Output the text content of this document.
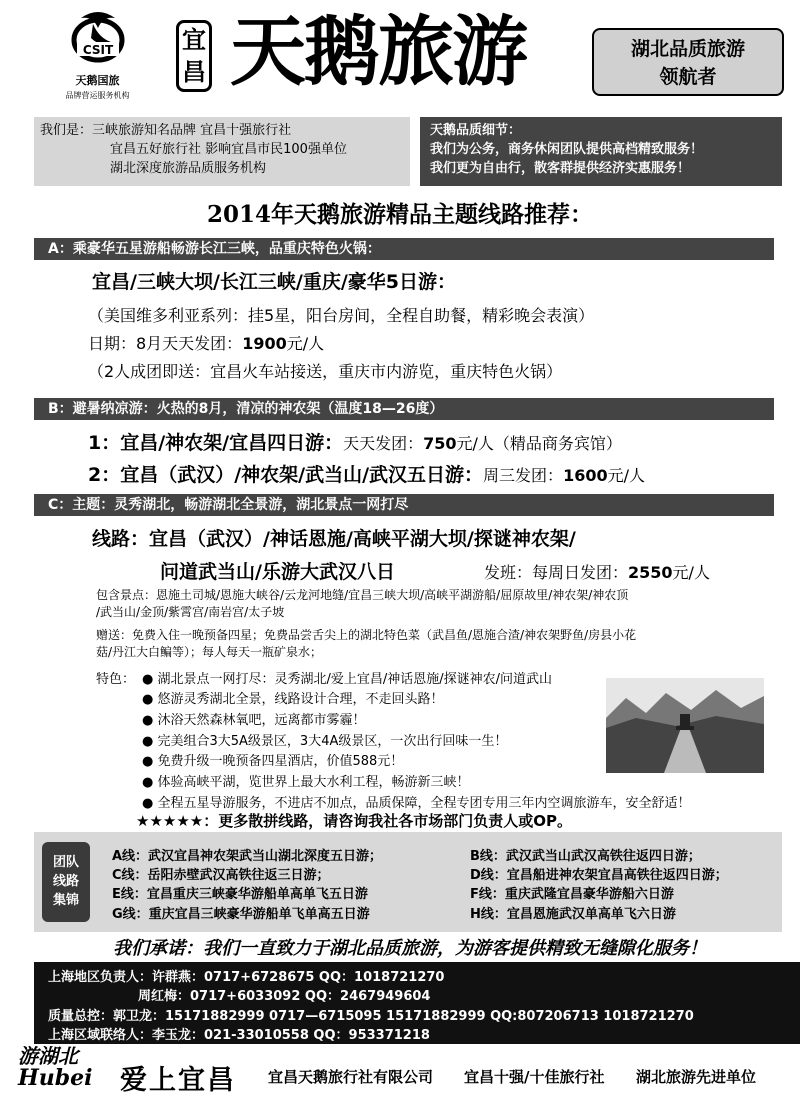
CSIT
天鹅国旅
品牌营运服务机构
宜
昌 天鹅旅游	湖北品质旅游
领航者
我们是：三峡旅游知名品牌 宜昌十强旅行社
宜昌五好旅行社 影响宜昌市民100强单位
湖北深度旅游品质服务机构
天鹅品质细节：
我们为公务，商务休闲团队提供高档精致服务！
我们更为自由行，散客群提供经济实惠服务！
2014年天鹅旅游精品主题线路推荐：
A：乘豪华五星游船畅游长江三峡，品重庆特色火锅：
宜昌/三峡大坝/长江三峡/重庆/豪华5日游：
（美国维多利亚系列：挂5星，阳台房间，全程自助餐，精彩晚会表演）
日期：8月天天发团：1900元/人
（2人成团即送：宜昌火车站接送，重庆市内游览，重庆特色火锅）
B：避暑纳凉游：火热的8月，清凉的神农架（温度18—26度）
1：宜昌/神农架/宜昌四日游：天天发团：750元/人（精品商务宾馆）
2：宜昌（武汉）/神农架/武当山/武汉五日游：周三发团：1600元/人
C：主题：灵秀湖北，畅游湖北全景游，湖北景点一网打尽
线路：宜昌（武汉）/神话恩施/高峡平湖大坝/探谜神农架/
问道武当山/乐游大武汉八日	发班：每周日发团：2550元/人
包含景点：恩施土司城/恩施大峡谷/云龙河地缝/宜昌三峡大坝/高峡平湖游船/屈原故里/神农架/神农顶
/武当山/金顶/紫霄宫/南岩宫/太子坡
赠送：免费入住一晚预备四星；免费品尝舌尖上的湖北特色菜（武昌鱼/恩施合渣/神农架野鱼/房县小花
菇/丹江大白鳊等）；每人每天一瓶矿泉水；
特色： ● 湖北景点一网打尽：灵秀湖北/爱上宜昌/神话恩施/探谜神农/问道武山
● 悠游灵秀湖北全景，线路设计合理，不走回头路！
● 沐浴天然森林氧吧，远离都市雾霾！
● 完美组合3大5A级景区，3大4A级景区，一次出行回味一生！
● 免费升级一晚预备四星酒店，价值588元！
● 体验高峡平湖，览世界上最大水利工程，畅游新三峡！
● 全程五星导游服务，不进店不加点，品质保障，全程专团专用三年内空调旅游车，安全舒适！
★★★★★：更多散拼线路，请咨询我社各市场部门负责人或OP。
团队
线路
集锦
A线：武汉宜昌神农架武当山湖北深度五日游；	B线：武汉武当山武汉高铁往返四日游；
C线：岳阳赤壁武汉高铁往返三日游；	D线：宜昌船进神农架宜昌高铁往返四日游；
E线：宜昌重庆三峡豪华游船单高单飞五日游	F线：重庆武隆宜昌豪华游船六日游
G线：重庆宜昌三峡豪华游船单飞单高五日游	H线：宜昌恩施武汉单高单飞六日游
我们承诺：我们一直致力于湖北品质旅游，为游客提供精致无缝隙化服务！
上海地区负责人：许群燕：0717+6728675 QQ：1018721270
周红梅：0717+6033092 QQ：2467949604
质量总控：郭卫龙：15171882999 0717—6715095 15171882999 QQ:807206713 1018721270
上海区域联络人：李玉龙：021-33010558 QQ：953371218
游湖北
Hubei	爱上宜昌 宜昌天鹅旅行社有限公司 宜昌十强/十佳旅行社 湖北旅游先进单位
